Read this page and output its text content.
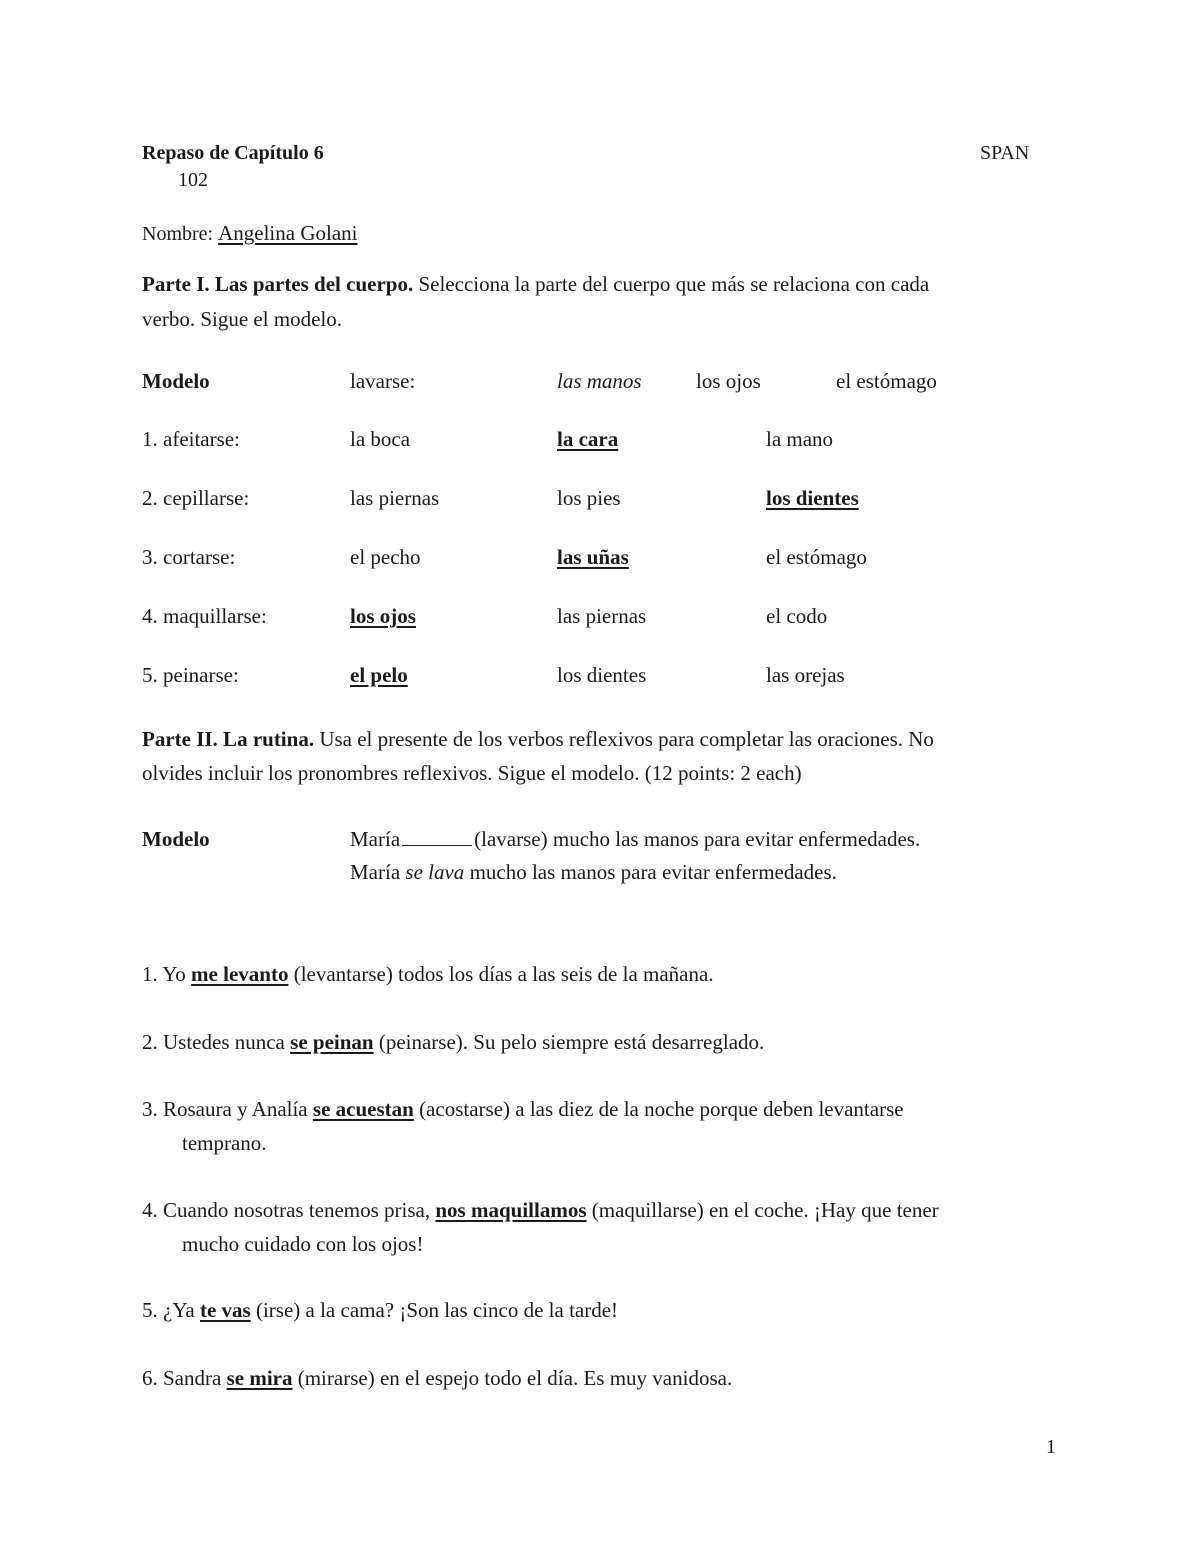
Repaso de Capítulo 6	SPAN
102
Nombre: Angelina Golani
Parte I. Las partes del cuerpo. Selecciona la parte del cuerpo que más se relaciona con cada
verbo. Sigue el modelo.
Modelo	lavarse:	las manos	los ojos	el estómago
1. afeitarse:	la boca	la cara	la mano
2. cepillarse:	las piernas	los pies	los dientes
3. cortarse:	el pecho	las uñas	el estómago
4. maquillarse:	los ojos	las piernas	el codo
5. peinarse:	el pelo	los dientes	las orejas
Parte II. La rutina. Usa el presente de los verbos reflexivos para completar las oraciones. No
olvides incluir los pronombres reflexivos. Sigue el modelo. (12 points: 2 each)
Modelo	María	(lavarse) mucho las manos para evitar enfermedades.
María se lava mucho las manos para evitar enfermedades.
1. Yo me levanto (levantarse) todos los días a las seis de la mañana.
2. Ustedes nunca se peinan (peinarse). Su pelo siempre está desarreglado.
3. Rosaura y Analía se acuestan (acostarse) a las diez de la noche porque deben levantarse
temprano.
4. Cuando nosotras tenemos prisa, nos maquillamos (maquillarse) en el coche. ¡Hay que tener
mucho cuidado con los ojos!
5. ¿Ya te vas (irse) a la cama? ¡Son las cinco de la tarde!
6. Sandra se mira (mirarse) en el espejo todo el día. Es muy vanidosa.
1
